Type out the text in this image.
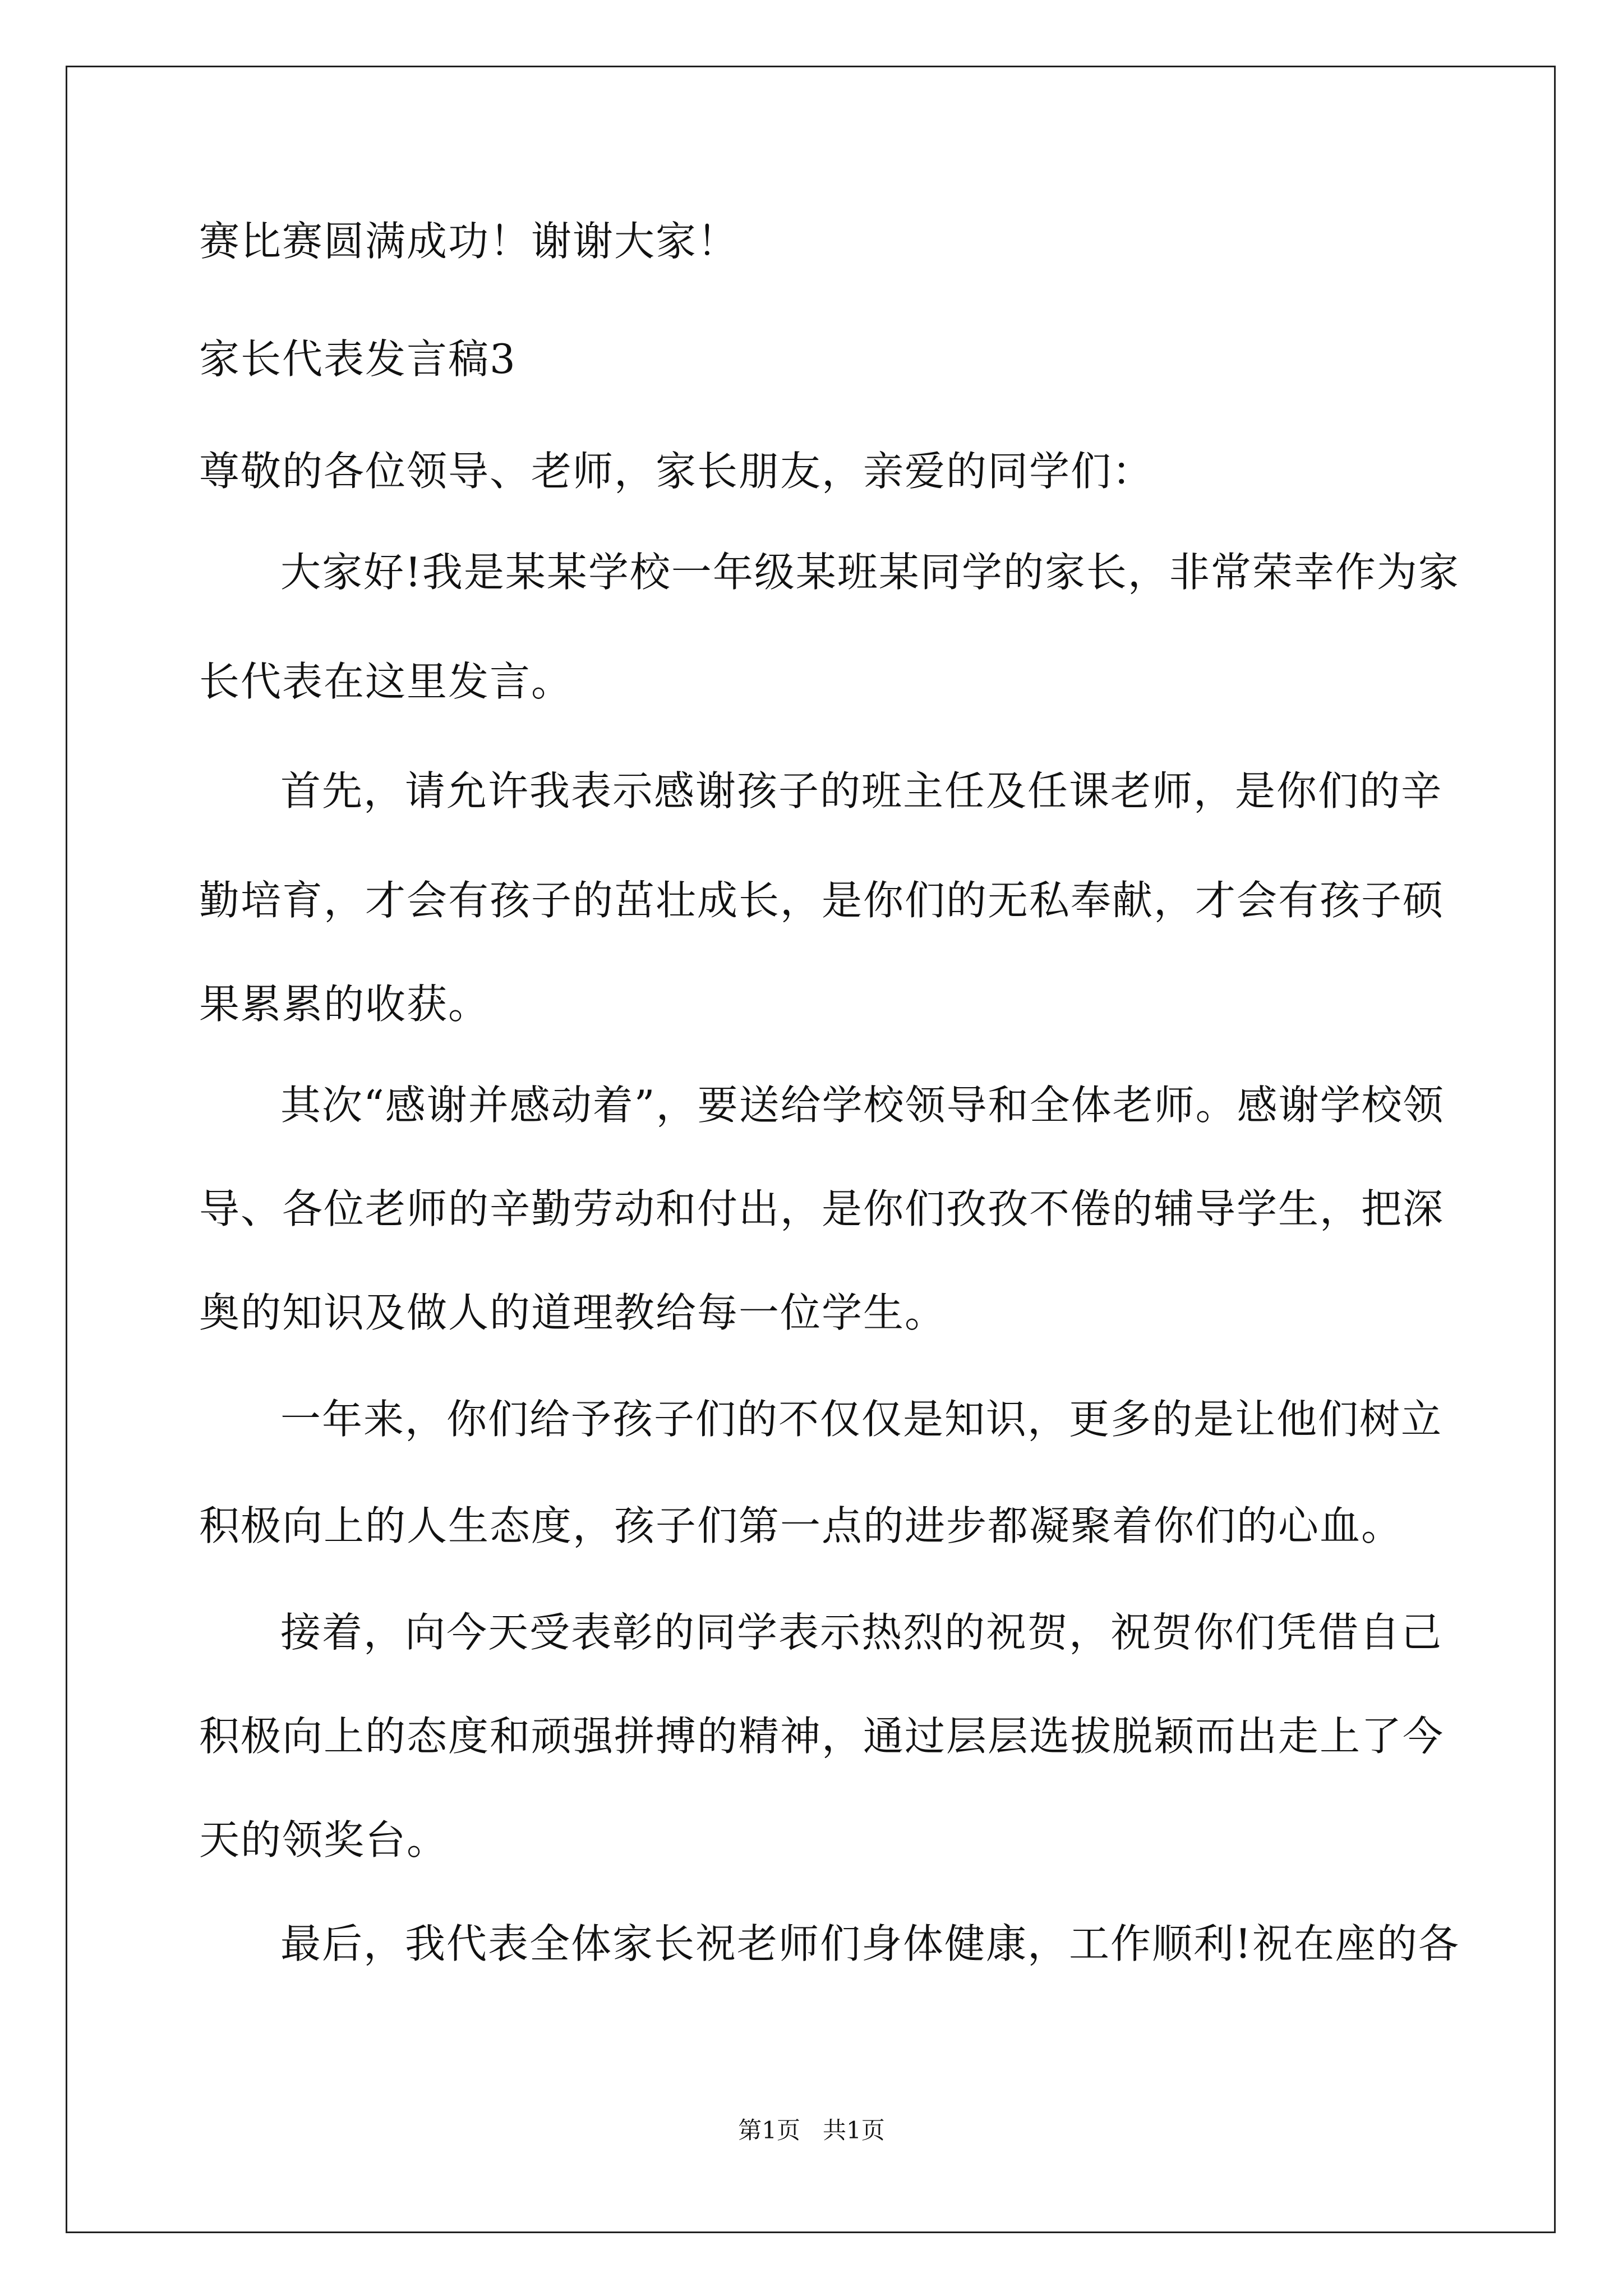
赛比赛圆满成功！谢谢大家！
家长代表发言稿3
尊敬的各位领导、老师，家长朋友，亲爱的同学们：
大家好!我是某某学校一年级某班某同学的家长，非常荣幸作为家
长代表在这里发言。
首先，请允许我表示感谢孩子的班主任及任课老师，是你们的辛
勤培育，才会有孩子的茁壮成长，是你们的无私奉献，才会有孩子硕
果累累的收获。
其次“感谢并感动着”，要送给学校领导和全体老师。感谢学校领
导、各位老师的辛勤劳动和付出，是你们孜孜不倦的辅导学生，把深
奥的知识及做人的道理教给每一位学生。
一年来，你们给予孩子们的不仅仅是知识，更多的是让他们树立
积极向上的人生态度，孩子们第一点的进步都凝聚着你们的心血。
接着，向今天受表彰的同学表示热烈的祝贺，祝贺你们凭借自己
积极向上的态度和顽强拼搏的精神，通过层层选拔脱颖而出走上了今
天的领奖台。
最后，我代表全体家长祝老师们身体健康，工作顺利!祝在座的各
第1页 共1页
